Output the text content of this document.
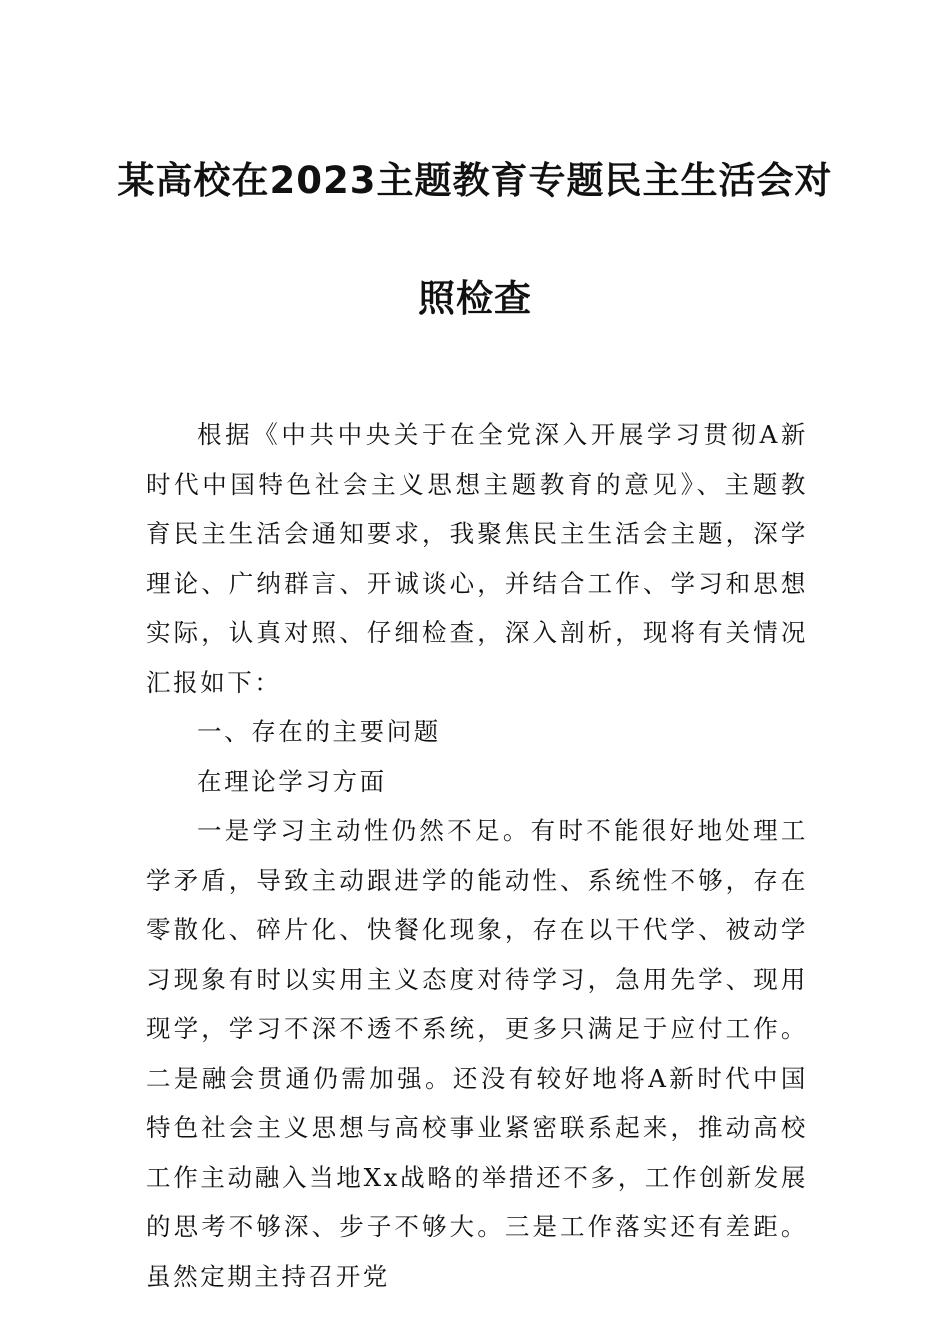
某高校在2023主题教育专题民主生活会对
照检查

根据《中共中央关于在全党深入开展学习贯彻A新时代中国特色社会主义思想主题教育的意见》、主题教育民主生活会通知要求，我聚焦民主生活会主题，深学理论、广纳群言、开诚谈心，并结合工作、学习和思想实际，认真对照、仔细检查，深入剖析，现将有关情况汇报如下：

一、存在的主要问题

在理论学习方面

一是学习主动性仍然不足。有时不能很好地处理工学矛盾，导致主动跟进学的能动性、系统性不够，存在零散化、碎片化、快餐化现象，存在以干代学、被动学习现象有时以实用主义态度对待学习，急用先学、现用现学，学习不深不透不系统，更多只满足于应付工作。二是融会贯通仍需加强。还没有较好地将A新时代中国特色社会主义思想与高校事业紧密联系起来，推动高校工作主动融入当地Xx战略的举措还不多，工作创新发展的思考不够深、步子不够大。三是工作落实还有差距。虽然定期主持召开党
